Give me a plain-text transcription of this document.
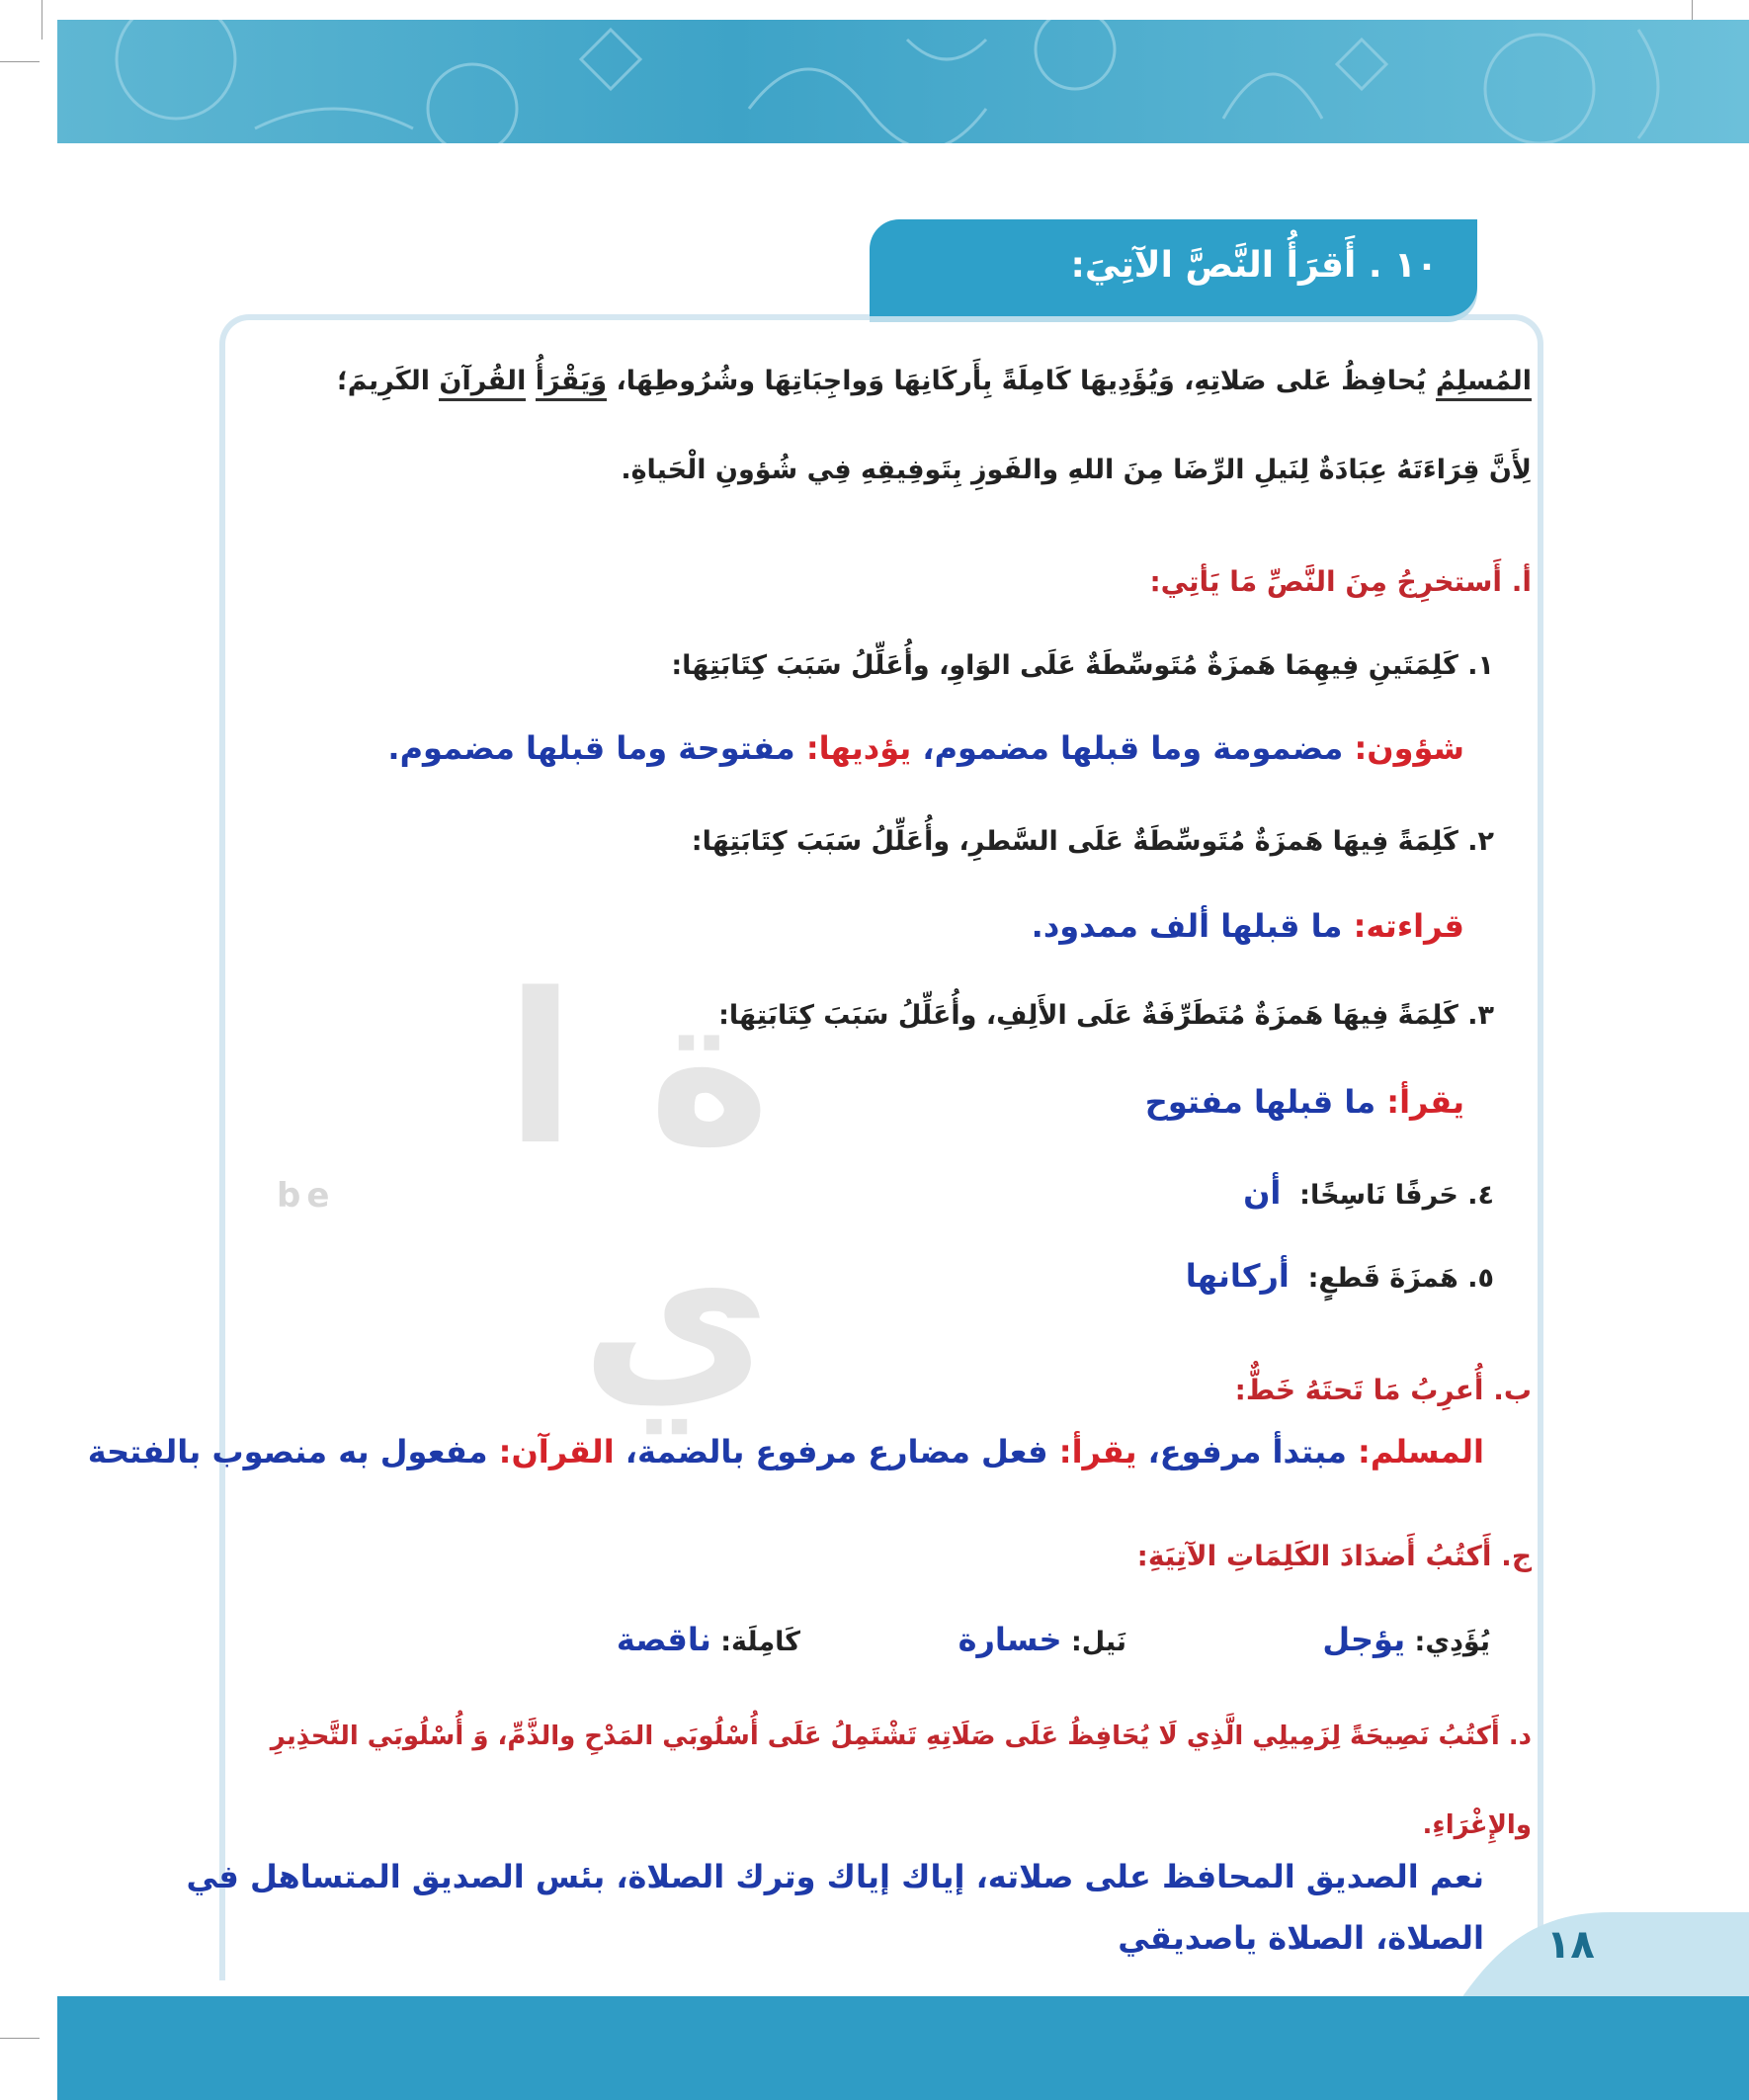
ة ا ي
be
١٠ . أَقرَأُ النَّصَّ الآتِيَ:
المُسلِمُ يُحافِظُ عَلى صَلاتِهِ، وَيُؤَدِيهَا كَامِلَةً بِأَركَانِهَا وَواجِبَاتِهَا وشُرُوطِهَا، وَيَقْرَأُ القُرآنَ الكَرِيمَ؛
لِأَنَّ قِرَاءَتَهُ عِبَادَةٌ لِنَيلِ الرِّضَا مِنَ اللهِ والفَوزِ بِتَوفِيقِهِ فِي شُؤونِ الْحَياةِ.
أ. أَستخرِجُ مِنَ النَّصِّ مَا يَأتِي:
١. كَلِمَتَينِ فِيهِمَا هَمزَةٌ مُتَوسِّطَةٌ عَلَى الوَاوِ، وأُعَلِّلُ سَبَبَ كِتَابَتِهَا:
شؤون: مضمومة وما قبلها مضموم، يؤديها: مفتوحة وما قبلها مضموم.
٢. كَلِمَةً فِيهَا هَمزَةٌ مُتَوسِّطَةٌ عَلَى السَّطرِ، وأُعَلِّلُ سَبَبَ كِتَابَتِهَا:
قراءته: ما قبلها ألف ممدود.
٣. كَلِمَةً فِيهَا هَمزَةٌ مُتَطَرِّفَةٌ عَلَى الأَلِفِ، وأُعَلِّلُ سَبَبَ كِتَابَتِهَا:
يقرأ: ما قبلها مفتوح
٤. حَرفًا نَاسِخًا:  أن
٥. هَمزَةَ قَطعٍ:  أركانها
ب. أُعرِبُ مَا تَحتَهُ خَطٌّ:
المسلم: مبتدأ مرفوع، يقرأ: فعل مضارع مرفوع بالضمة، القرآن: مفعول به منصوب بالفتحة
ج. أَكتُبُ أَضدَادَ الكَلِمَاتِ الآتِيَةِ:
يُؤَدِي: يؤجل
نَيل: خسارة
كَامِلَة: ناقصة
د. أَكتُبُ نَصِيحَةً لِزَمِيلِي الَّذِي لَا يُحَافِظُ عَلَى صَلَاتِهِ تَشْتَمِلُ عَلَى أُسْلُوبَي المَدْحِ والذَّمِّ، وَ أُسْلُوبَي التَّحذِيرِ
والإِغْرَاءِ.
نعم الصديق المحافظ على صلاته، إياك إياك وترك الصلاة، بئس الصديق المتساهل في
الصلاة، الصلاة ياصديقي ١٨
